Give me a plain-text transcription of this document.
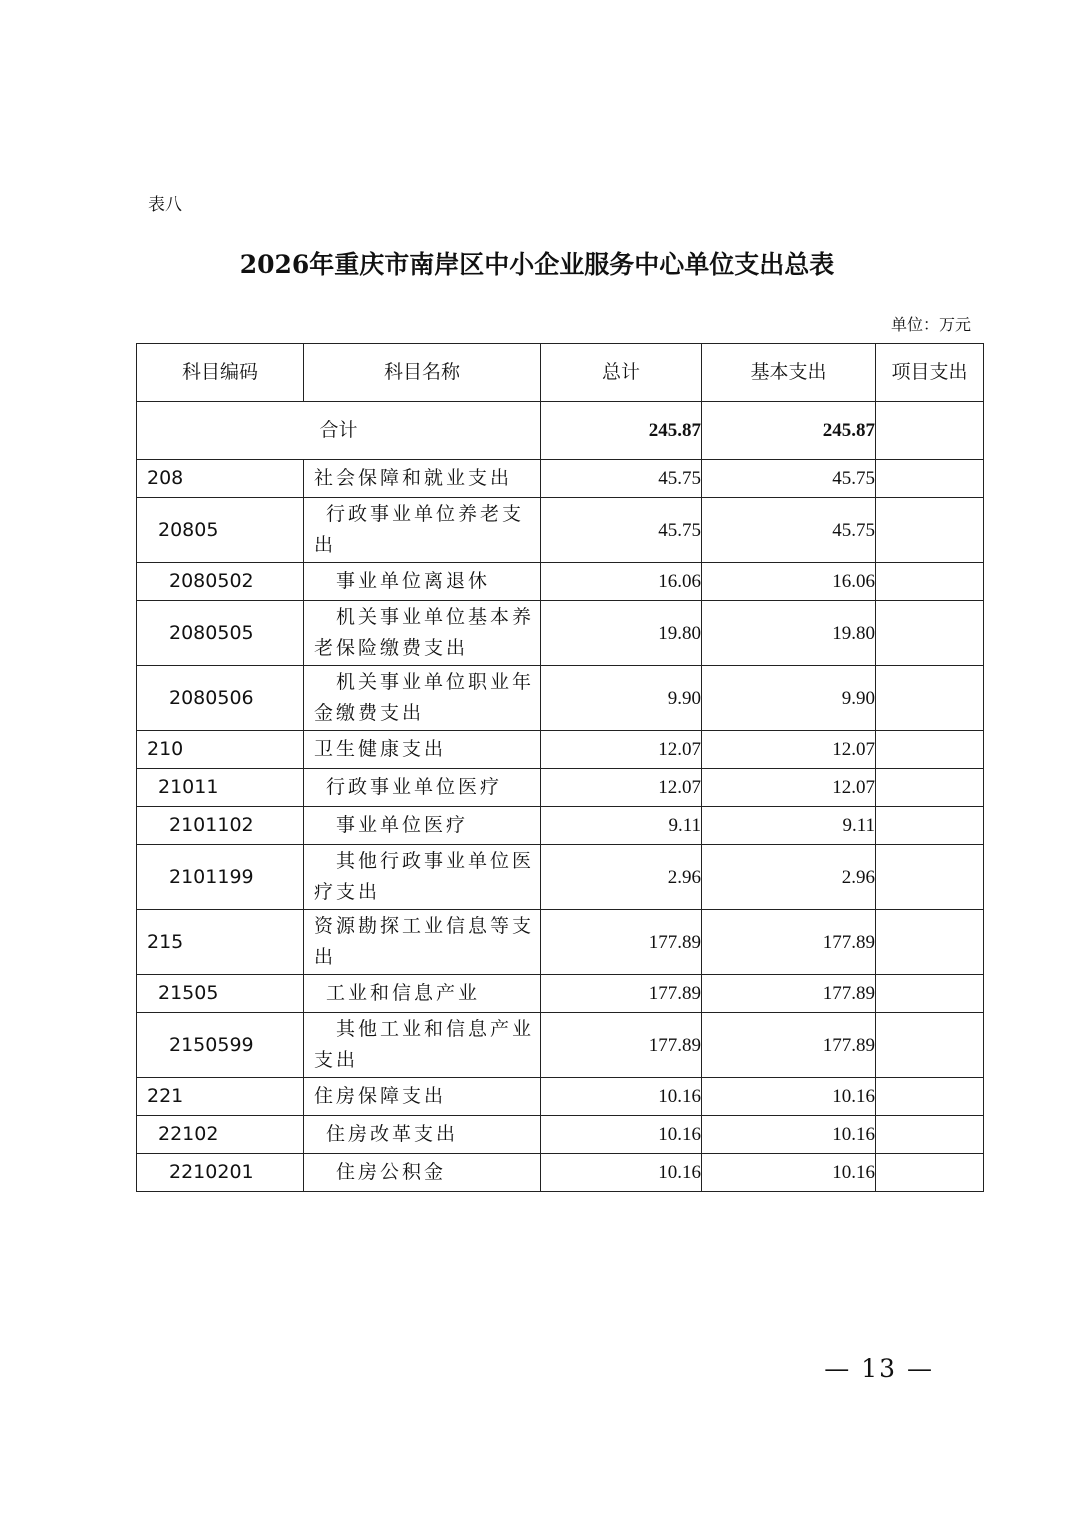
表八
2026年重庆市南岸区中小企业服务中心单位支出总表
单位：万元
科目编码	科目名称	总计	基本支出	项目支出
合计		245.87	245.87	
208	社会保障和就业支出	45.75	45.75	
20805	行政事业单位养老支出	45.75	45.75	
2080502	事业单位离退休	16.06	16.06	
2080505	机关事业单位基本养老保险缴费支出	19.80	19.80	
2080506	机关事业单位职业年金缴费支出	9.90	9.90	
210	卫生健康支出	12.07	12.07	
21011	行政事业单位医疗	12.07	12.07	
2101102	事业单位医疗	9.11	9.11	
2101199	其他行政事业单位医疗支出	2.96	2.96	
215	资源勘探工业信息等支出	177.89	177.89	
21505	工业和信息产业	177.89	177.89	
2150599	其他工业和信息产业支出	177.89	177.89	
221	住房保障支出	10.16	10.16	
22102	住房改革支出	10.16	10.16	
2210201	住房公积金	10.16	10.16	
— 13 —
